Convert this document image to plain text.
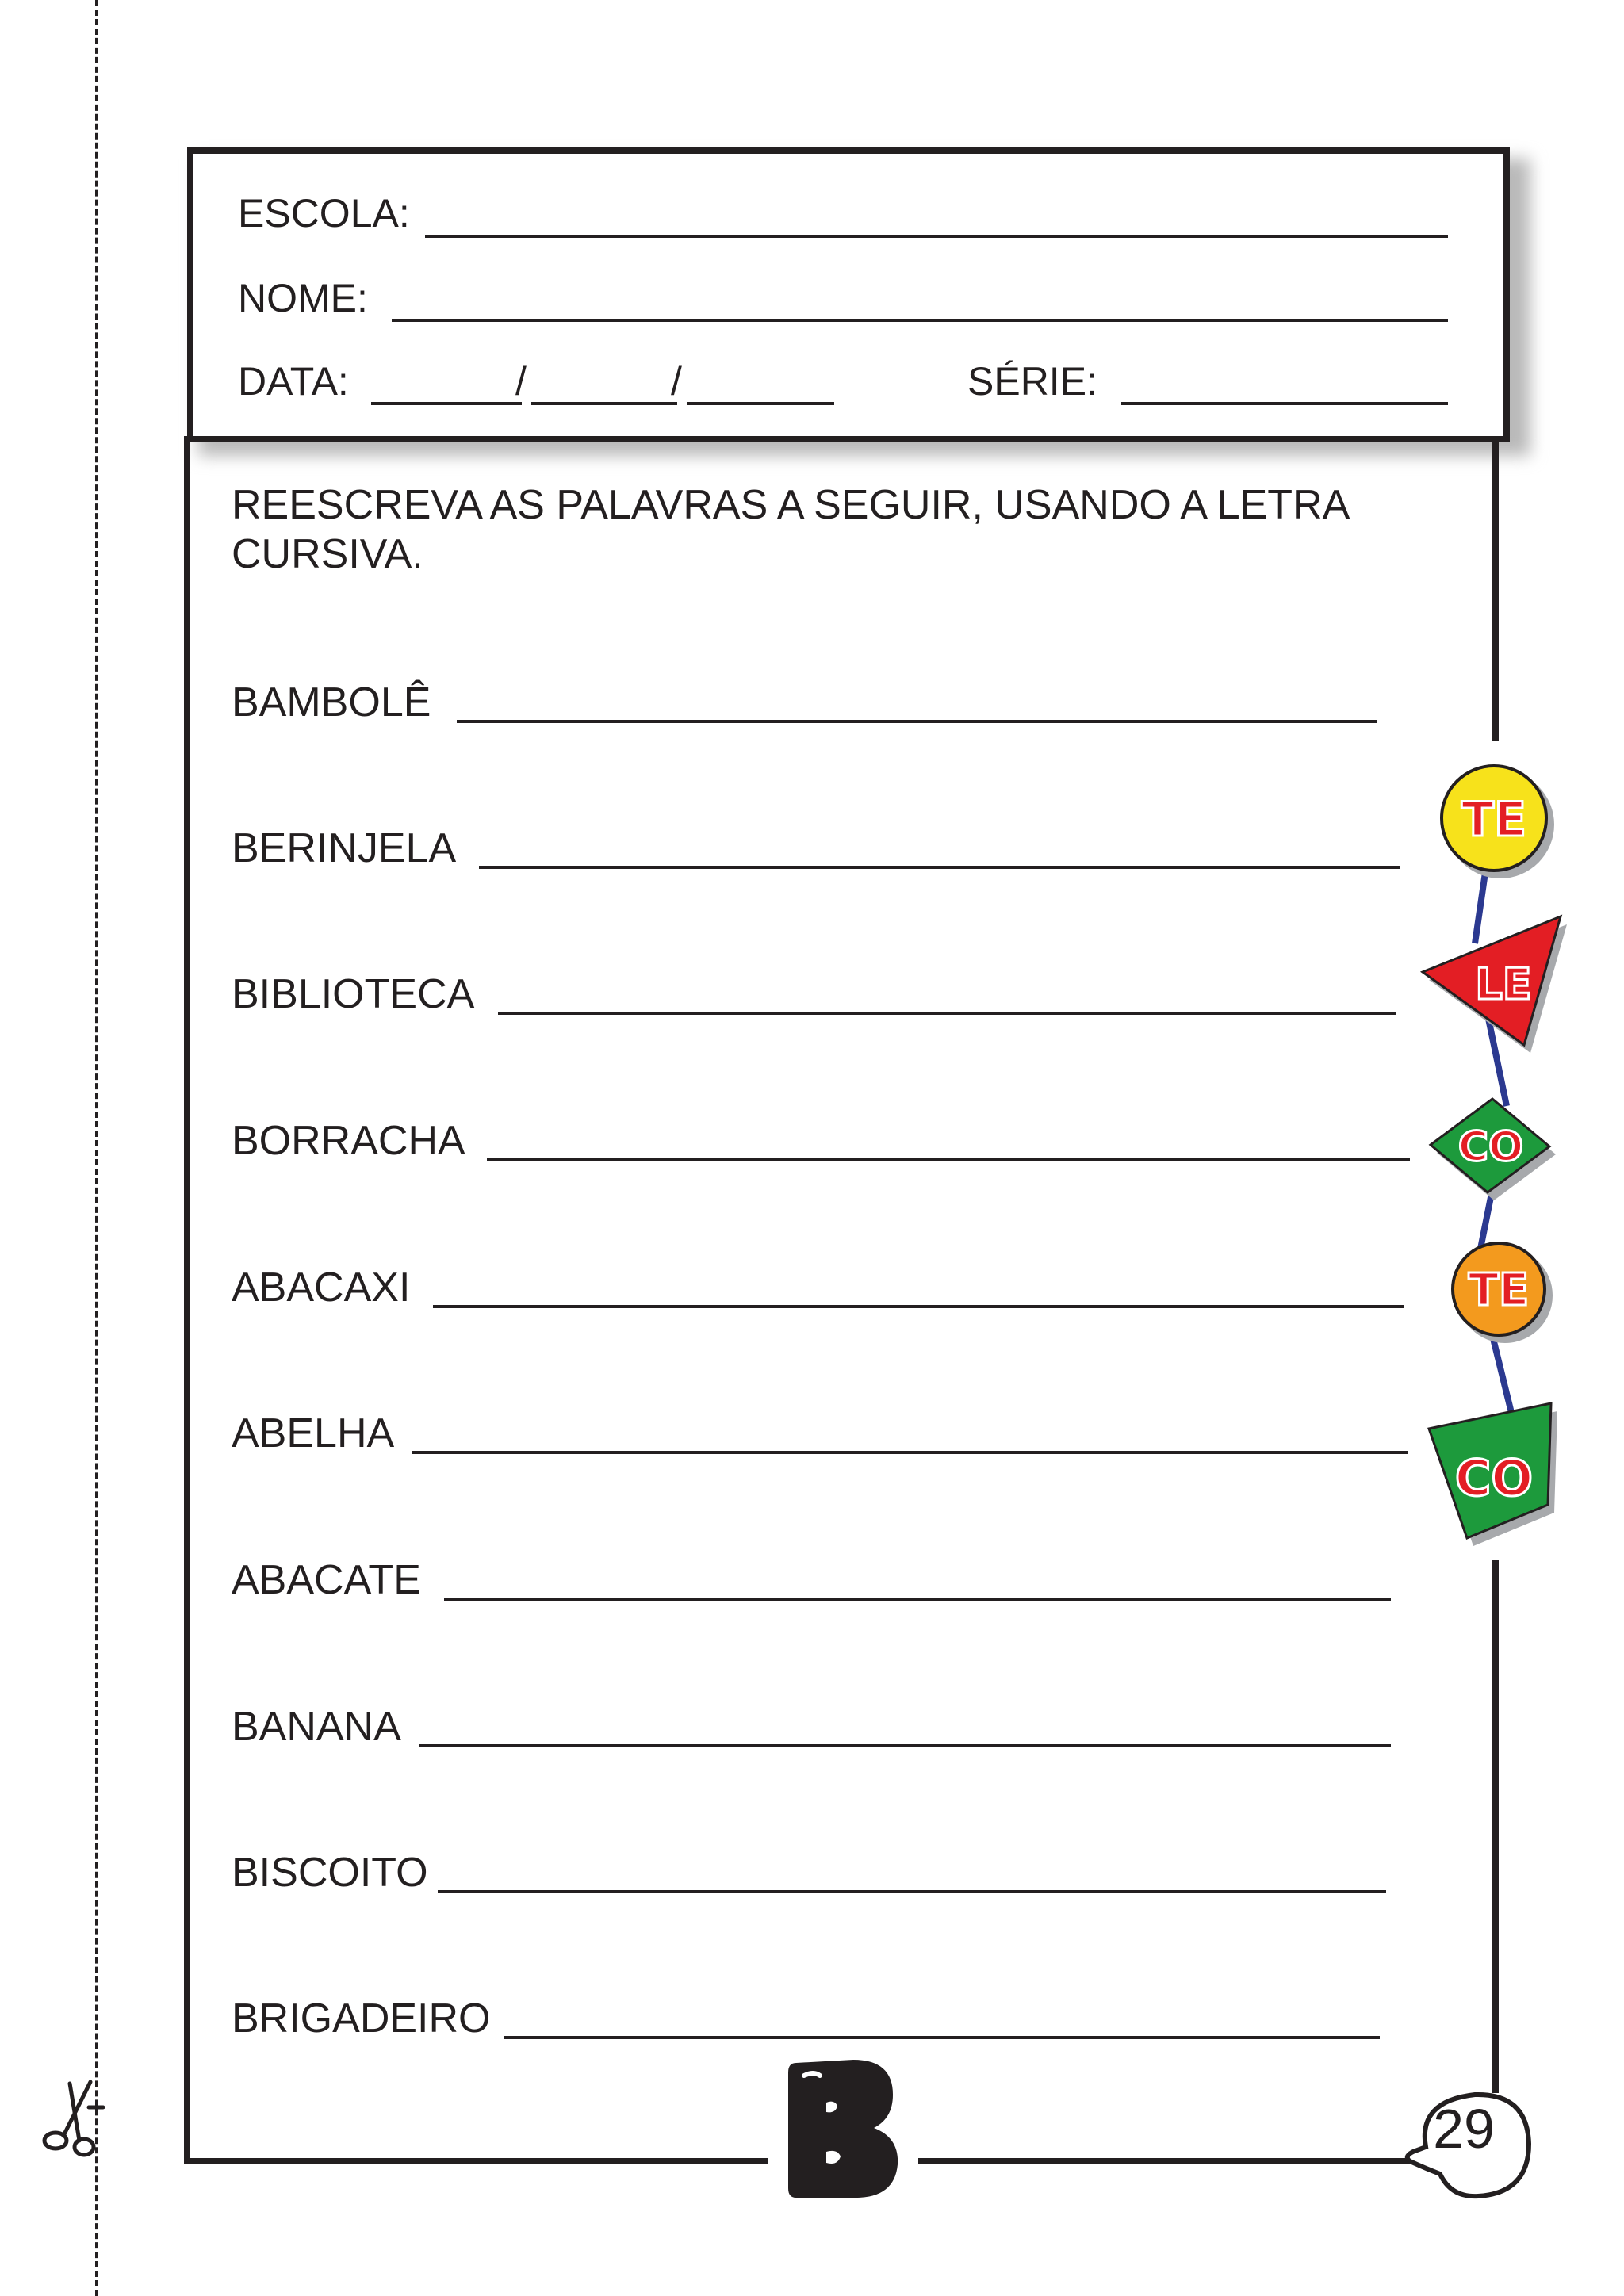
ESCOLA:
NOME:
DATA:	/	/	SÉRIE:
REESCREVA AS PALAVRAS A SEGUIR, USANDO A LETRA CURSIVA.
BAMBOLÊ
BERINJELA
BIBLIOTECA
BORRACHA
ABACAXI
ABELHA
ABACATE
BANANA
BISCOITO
BRIGADEIRO
29
TE
LE
CO
TE
CO
